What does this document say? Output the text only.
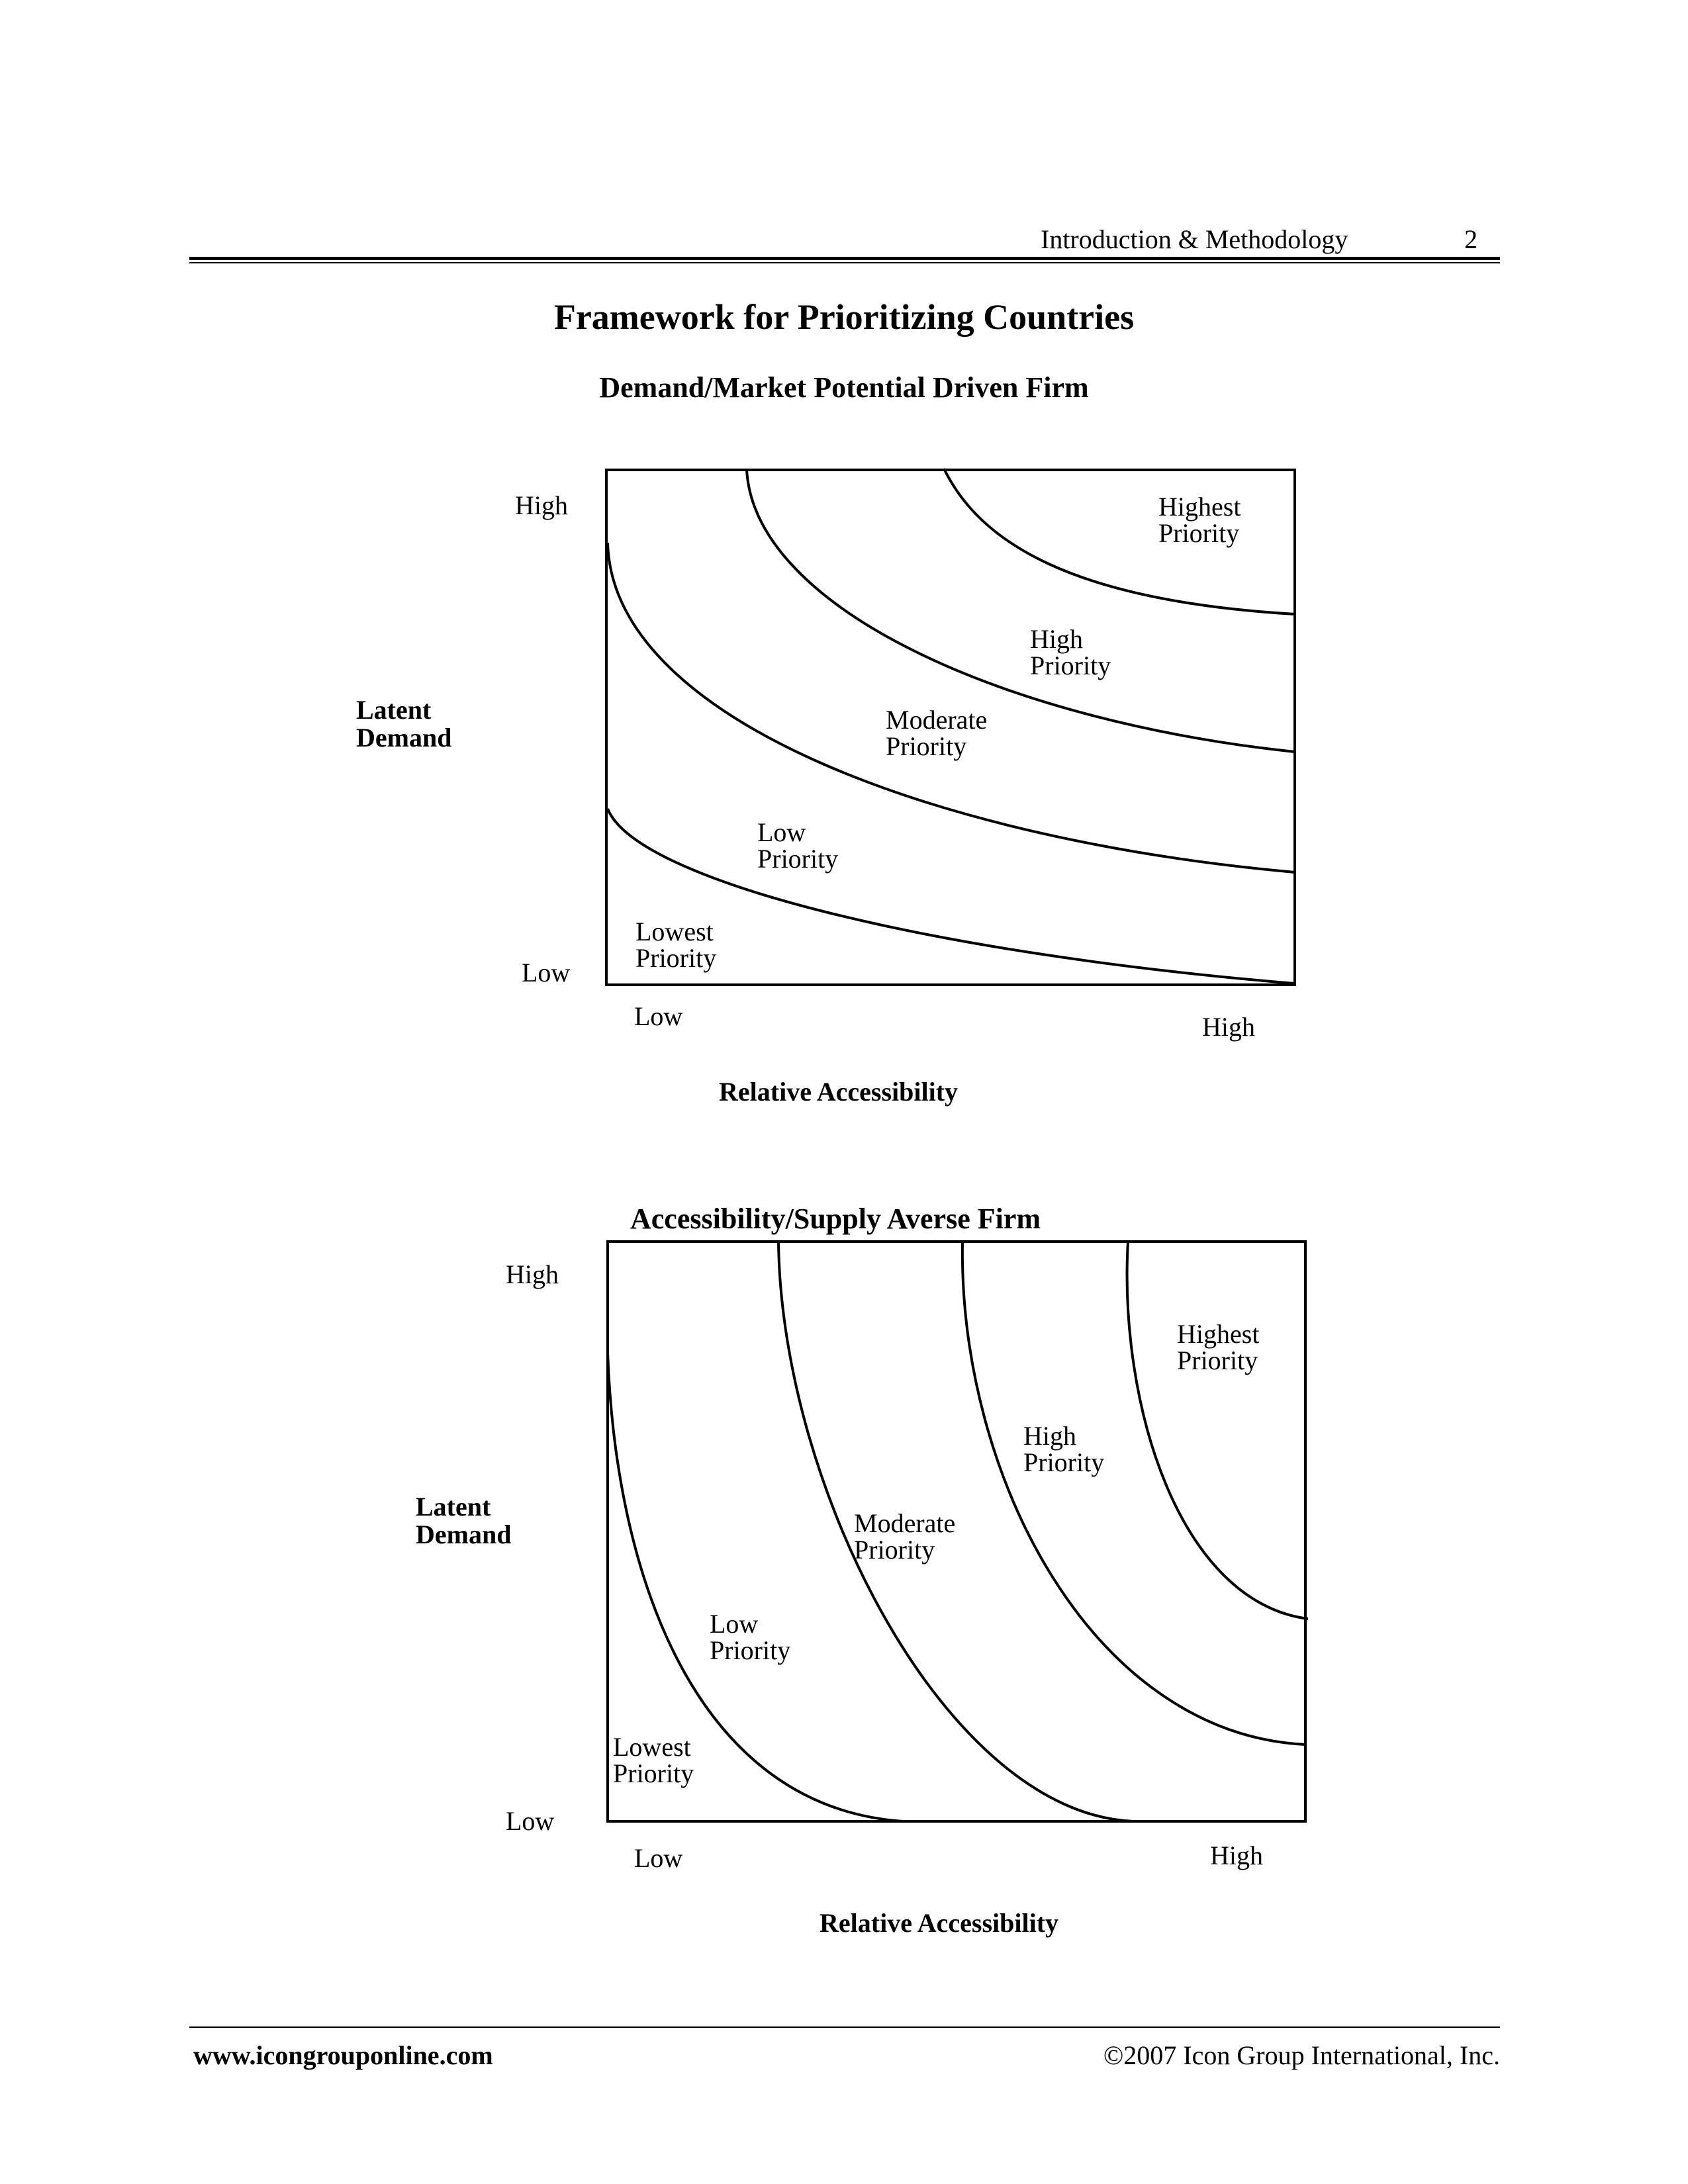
Introduction & Methodology	2
Framework for Prioritizing Countries
Demand/Market Potential Driven Firm
High
Low
Latent
Demand
Highest
Priority
High
Priority
Moderate
Priority
Low
Priority
Lowest
Priority
Low	High
Relative Accessibility
Accessibility/Supply Averse Firm
High
Low
Latent
Demand
Highest
Priority
High
Priority
Moderate
Priority
Low
Priority
Lowest
Priority
Low	High
Relative Accessibility
www.icongrouponline.com	©2007 Icon Group International, Inc.
